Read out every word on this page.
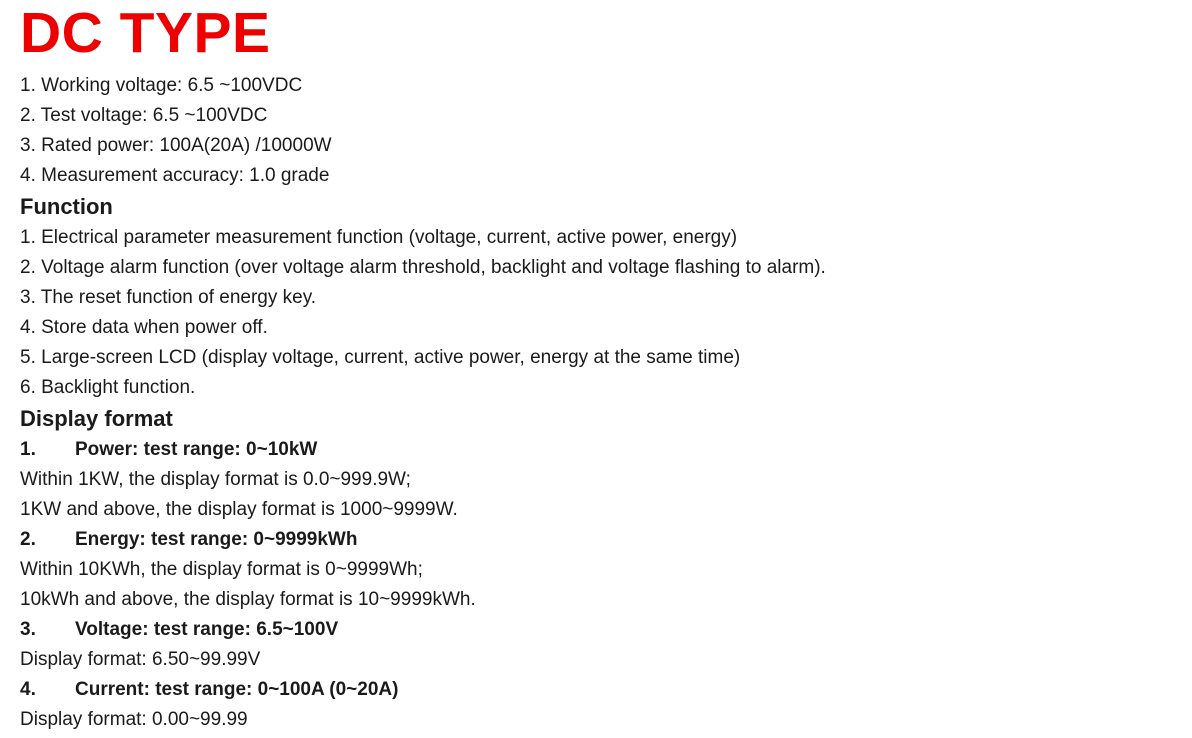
DC TYPE
1. Working voltage: 6.5 ~100VDC
2. Test voltage: 6.5 ~100VDC
3. Rated power: 100A(20A) /10000W
4. Measurement accuracy: 1.0 grade
Function
1. Electrical parameter measurement function (voltage, current, active power, energy)
2. Voltage alarm function (over voltage alarm threshold, backlight and voltage flashing to alarm).
3. The reset function of energy key.
4. Store data when power off.
5. Large-screen LCD (display voltage, current, active power, energy at the same time)
6. Backlight function.
Display format
1. Power: test range: 0~10kW
Within 1KW, the display format is 0.0~999.9W;
1KW and above, the display format is 1000~9999W.
2. Energy: test range: 0~9999kWh
Within 10KWh, the display format is 0~9999Wh;
10kWh and above, the display format is 10~9999kWh.
3. Voltage: test range: 6.5~100V
Display format: 6.50~99.99V
4. Current: test range: 0~100A (0~20A)
Display format: 0.00~99.99
